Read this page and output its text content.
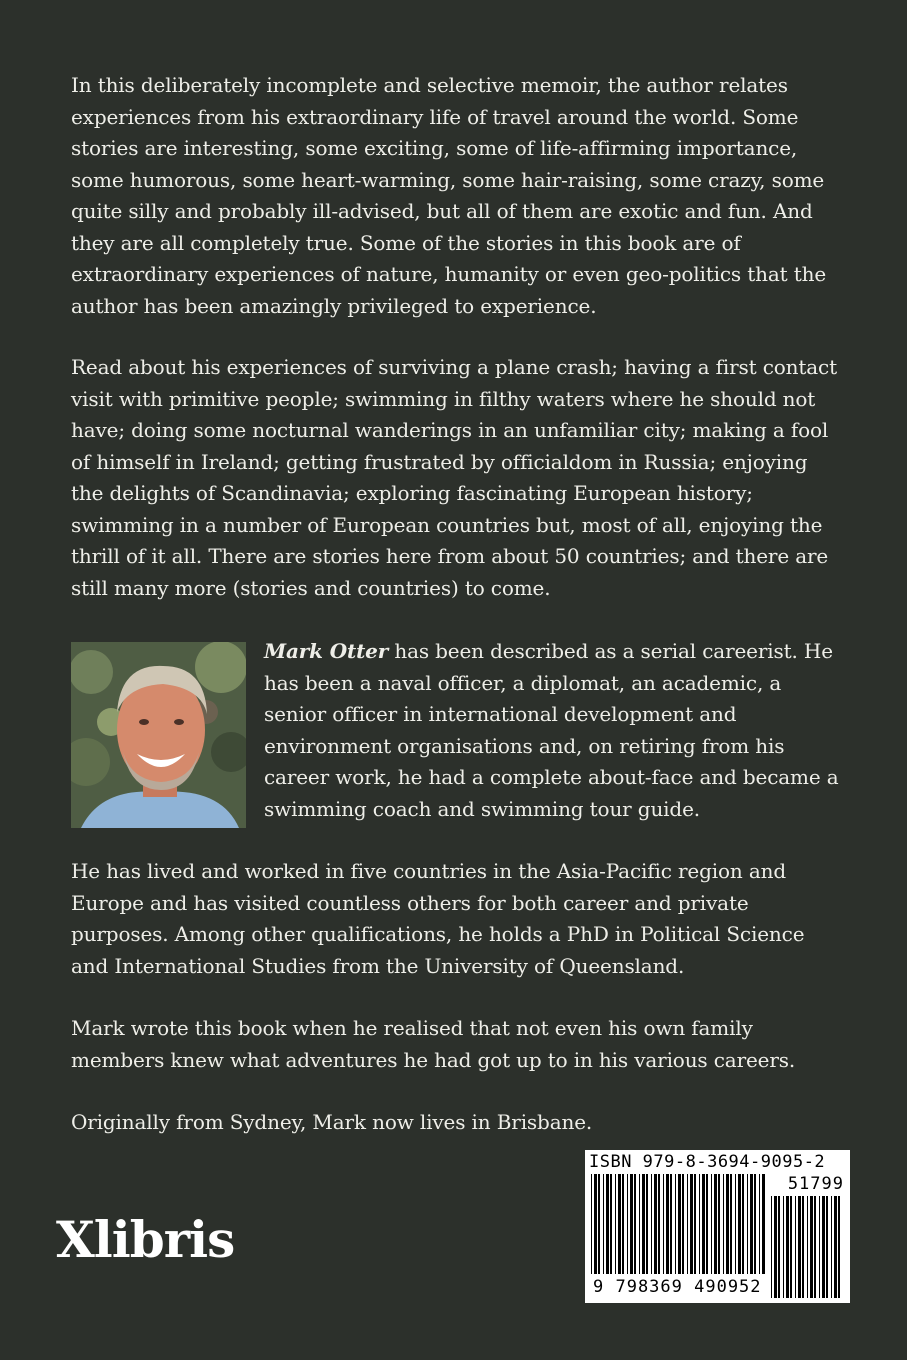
In this deliberately incomplete and selective memoir, the author relates experiences from his extraordinary life of travel around the world. Some stories are interesting, some exciting, some of life-affirming importance, some humorous, some heart-warming, some hair-raising, some crazy, some quite silly and probably ill-advised, but all of them are exotic and fun. And they are all completely true. Some of the stories in this book are of extraordinary experiences of nature, humanity or even geo-politics that the author has been amazingly privileged to experience.

Read about his experiences of surviving a plane crash; having a first contact visit with primitive people; swimming in filthy waters where he should not have; doing some nocturnal wanderings in an unfamiliar city; making a fool of himself in Ireland; getting frustrated by officialdom in Russia; enjoying the delights of Scandinavia; exploring fascinating European history; swimming in a number of European countries but, most of all, enjoying the thrill of it all. There are stories here from about 50 countries; and there are still many more (stories and countries) to come.

Mark Otter has been described as a serial careerist. He has been a naval officer, a diplomat, an academic, a senior officer in international development and environment organisations and, on retiring from his career work, he had a complete about-face and became a swimming coach and swimming tour guide.

He has lived and worked in five countries in the Asia-Pacific region and Europe and has visited countless others for both career and private purposes. Among other qualifications, he holds a PhD in Political Science and International Studies from the University of Queensland.

Mark wrote this book when he realised that not even his own family members knew what adventures he had got up to in his various careers.

Originally from Sydney, Mark now lives in Brisbane.

Xlibris
ISBN 979-8-3694-9095-2
51799
9 798369 490952
